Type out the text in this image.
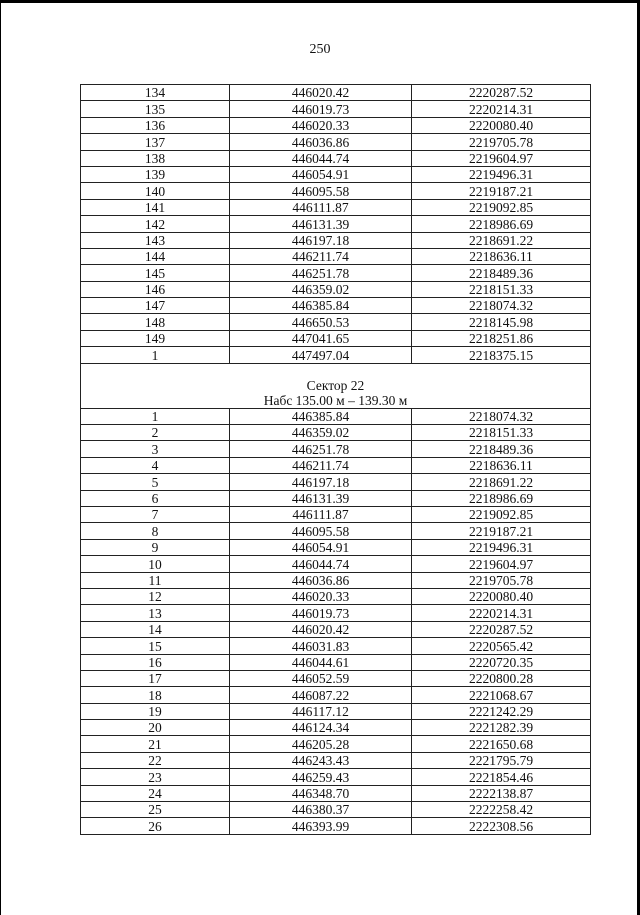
250
134	446020.42	2220287.52
135	446019.73	2220214.31
136	446020.33	2220080.40
137	446036.86	2219705.78
138	446044.74	2219604.97
139	446054.91	2219496.31
140	446095.58	2219187.21
141	446111.87	2219092.85
142	446131.39	2218986.69
143	446197.18	2218691.22
144	446211.74	2218636.11
145	446251.78	2218489.36
146	446359.02	2218151.33
147	446385.84	2218074.32
148	446650.53	2218145.98
149	447041.65	2218251.86
1	447497.04	2218375.15

Сектор 22
Набс 135.00 м – 139.30 м		

1	446385.84	2218074.32
2	446359.02	2218151.33
3	446251.78	2218489.36
4	446211.74	2218636.11
5	446197.18	2218691.22
6	446131.39	2218986.69
7	446111.87	2219092.85
8	446095.58	2219187.21
9	446054.91	2219496.31
10	446044.74	2219604.97
11	446036.86	2219705.78
12	446020.33	2220080.40
13	446019.73	2220214.31
14	446020.42	2220287.52
15	446031.83	2220565.42
16	446044.61	2220720.35
17	446052.59	2220800.28
18	446087.22	2221068.67
19	446117.12	2221242.29
20	446124.34	2221282.39
21	446205.28	2221650.68
22	446243.43	2221795.79
23	446259.43	2221854.46
24	446348.70	2222138.87
25	446380.37	2222258.42
26	446393.99	2222308.56
